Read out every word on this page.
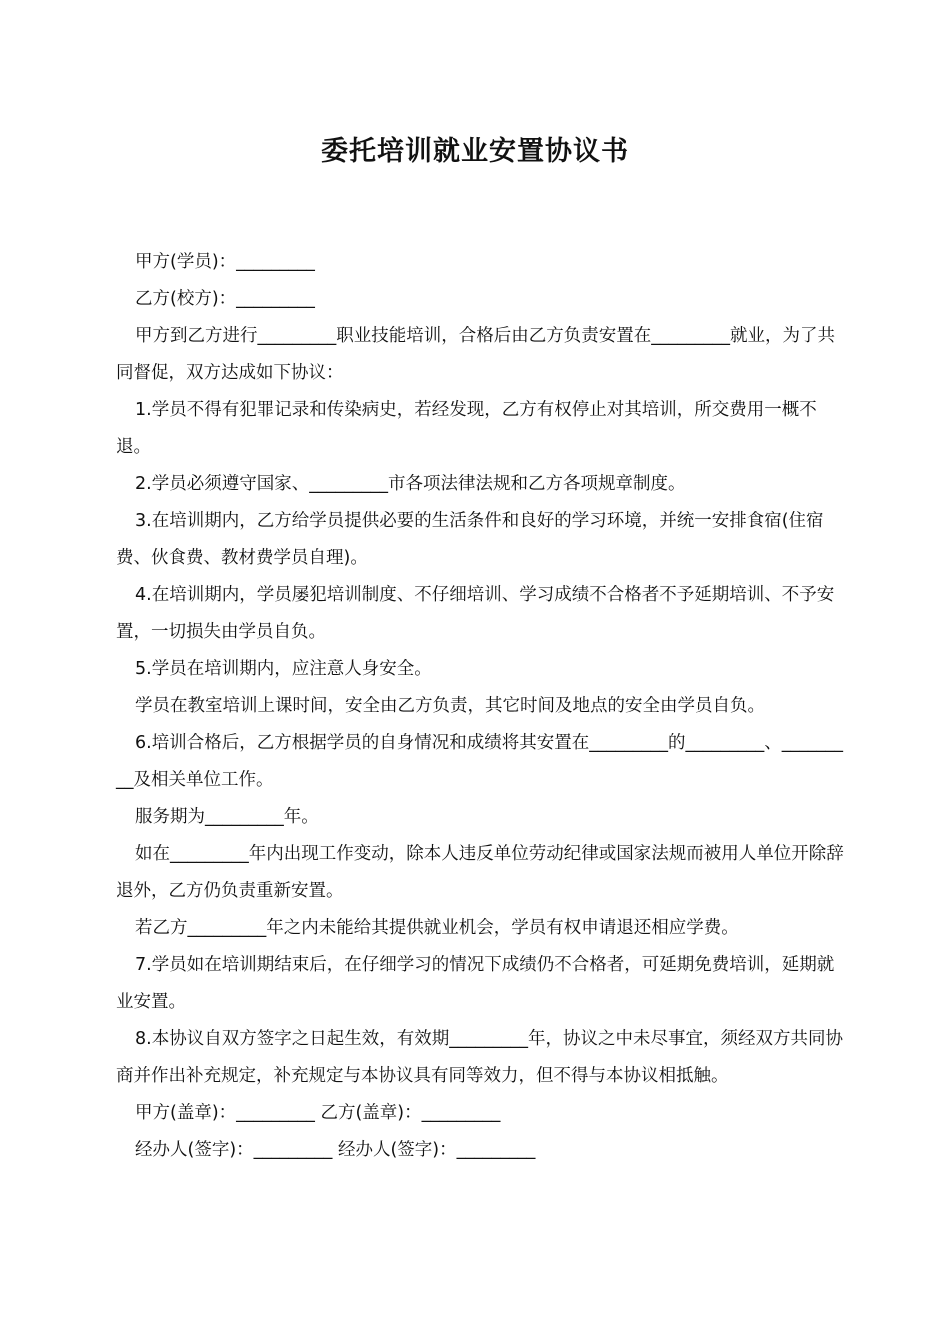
委托培训就业安置协议书

甲方(学员)：_________

乙方(校方)：_________

甲方到乙方进行_________职业技能培训，合格后由乙方负责安置在_________就业，为了共同督促，双方达成如下协议：

1.学员不得有犯罪记录和传染病史，若经发现，乙方有权停止对其培训，所交费用一概不退。

2.学员必须遵守国家、_________市各项法律法规和乙方各项规章制度。

3.在培训期内，乙方给学员提供必要的生活条件和良好的学习环境，并统一安排食宿(住宿费、伙食费、教材费学员自理)。

4.在培训期内，学员屡犯培训制度、不仔细培训、学习成绩不合格者不予延期培训、不予安置，一切损失由学员自负。

5.学员在培训期内，应注意人身安全。

学员在教室培训上课时间，安全由乙方负责，其它时间及地点的安全由学员自负。

6.培训合格后，乙方根据学员的自身情况和成绩将其安置在_________的_________、_________及相关单位工作。

服务期为_________年。

如在_________年内出现工作变动，除本人违反单位劳动纪律或国家法规而被用人单位开除辞退外，乙方仍负责重新安置。

若乙方_________年之内未能给其提供就业机会，学员有权申请退还相应学费。

7.学员如在培训期结束后，在仔细学习的情况下成绩仍不合格者，可延期免费培训，延期就业安置。

8.本协议自双方签字之日起生效，有效期_________年，协议之中未尽事宜，须经双方共同协商并作出补充规定，补充规定与本协议具有同等效力，但不得与本协议相抵触。

甲方(盖章)：_________ 乙方(盖章)：_________

经办人(签字)：_________ 经办人(签字)：_________
